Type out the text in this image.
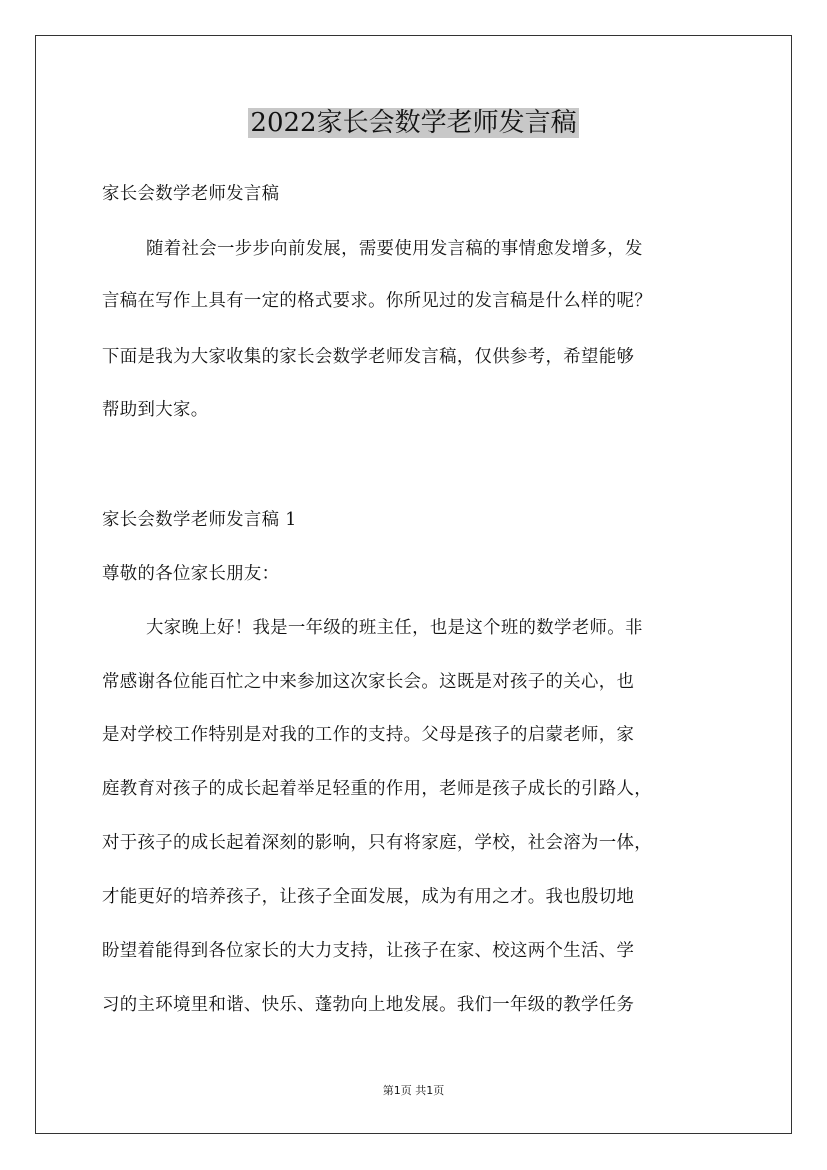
2022家长会数学老师发言稿
家长会数学老师发言稿
随着社会一步步向前发展，需要使用发言稿的事情愈发增多，发
言稿在写作上具有一定的格式要求。你所见过的发言稿是什么样的呢？
下面是我为大家收集的家长会数学老师发言稿，仅供参考，希望能够
帮助到大家。
家长会数学老师发言稿 1
尊敬的各位家长朋友：
大家晚上好！我是一年级的班主任，也是这个班的数学老师。非
常感谢各位能百忙之中来参加这次家长会。这既是对孩子的关心，也
是对学校工作特别是对我的工作的支持。父母是孩子的启蒙老师，家
庭教育对孩子的成长起着举足轻重的作用，老师是孩子成长的引路人，
对于孩子的成长起着深刻的影响，只有将家庭，学校，社会溶为一体，
才能更好的培养孩子，让孩子全面发展，成为有用之才。我也殷切地
盼望着能得到各位家长的大力支持，让孩子在家、校这两个生活、学
习的主环境里和谐、快乐、蓬勃向上地发展。我们一年级的教学任务
第1页 共1页
